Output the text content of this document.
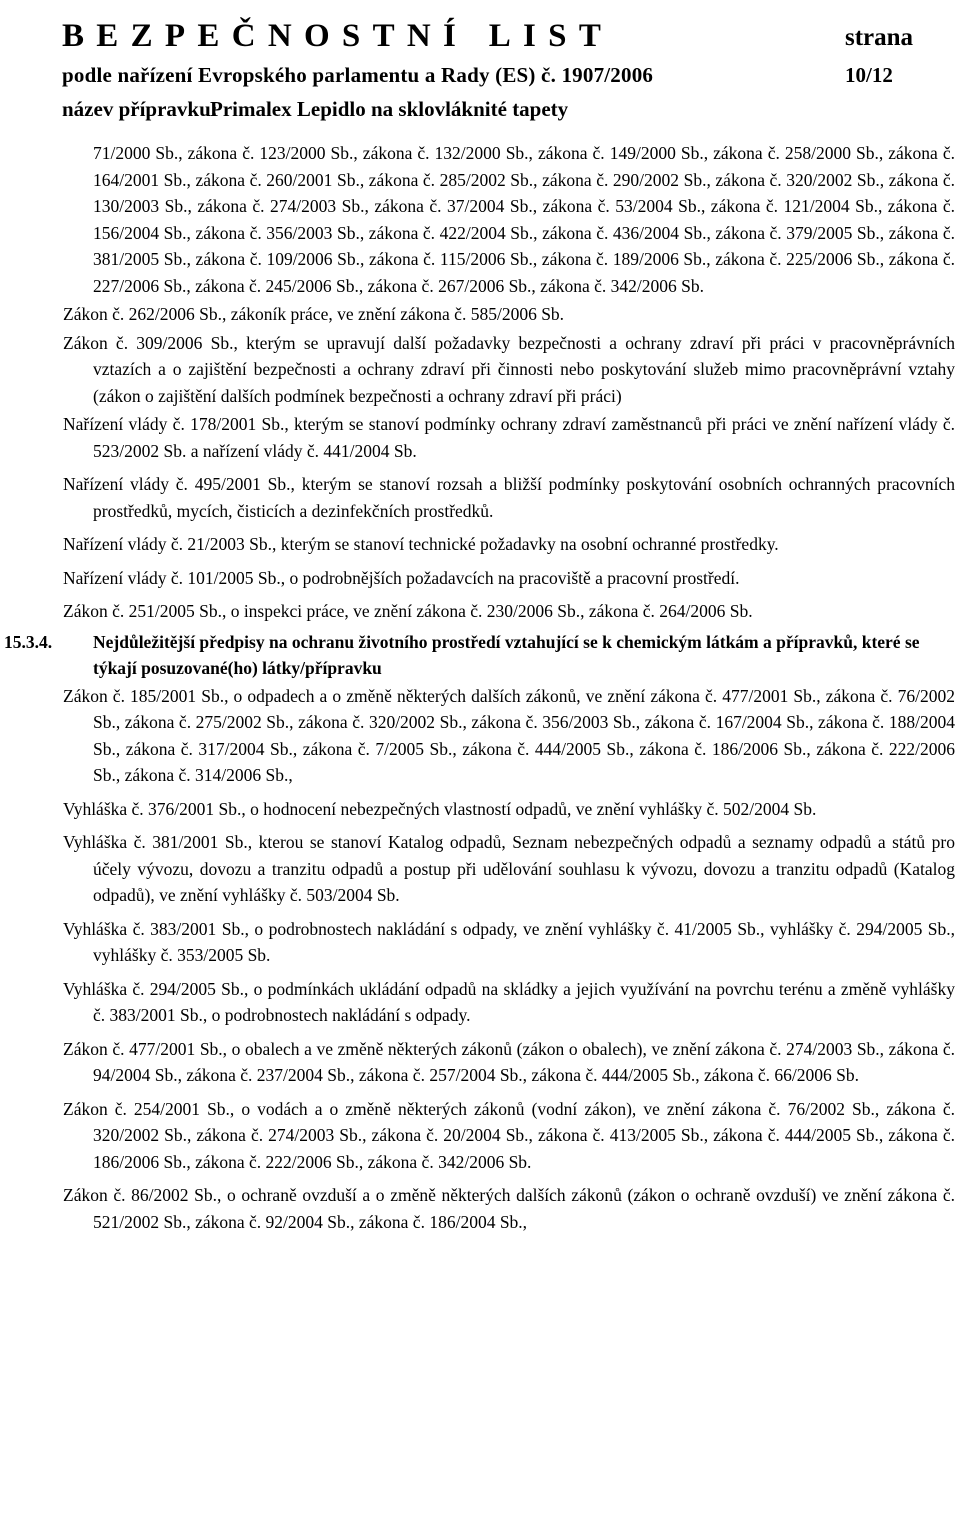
BEZPEČNOSTNÍ LIST	strana
podle nařízení Evropského parlamentu a Rady (ES) č. 1907/2006	10/12
název přípravku:Primalex Lepidlo na sklovláknité tapety
71/2000 Sb., zákona č. 123/2000 Sb., zákona č. 132/2000 Sb., zákona č. 149/2000 Sb., zákona č. 258/2000 Sb., zákona č. 164/2001 Sb., zákona č. 260/2001 Sb., zákona č. 285/2002 Sb., zákona č. 290/2002 Sb., zákona č. 320/2002 Sb., zákona č. 130/2003 Sb., zákona č. 274/2003 Sb., zákona č. 37/2004 Sb., zákona č. 53/2004 Sb., zákona č. 121/2004 Sb., zákona č. 156/2004 Sb., zákona č. 356/2003 Sb., zákona č. 422/2004 Sb., zákona č. 436/2004 Sb., zákona č. 379/2005 Sb., zákona č. 381/2005 Sb., zákona č. 109/2006 Sb., zákona č. 115/2006 Sb., zákona č. 189/2006 Sb., zákona č. 225/2006 Sb., zákona č. 227/2006 Sb., zákona č. 245/2006 Sb., zákona č. 267/2006 Sb., zákona č. 342/2006 Sb.
Zákon č. 262/2006 Sb., zákoník práce, ve znění zákona č. 585/2006 Sb.
Zákon č. 309/2006 Sb., kterým se upravují další požadavky bezpečnosti a ochrany zdraví při práci v pracovněprávních vztazích a o zajištění bezpečnosti a ochrany zdraví při činnosti nebo poskytování služeb mimo pracovněprávní vztahy (zákon o zajištění dalších podmínek bezpečnosti a ochrany zdraví při práci)
Nařízení vlády č. 178/2001 Sb., kterým se stanoví podmínky ochrany zdraví zaměstnanců při práci ve znění nařízení vlády č. 523/2002 Sb. a nařízení vlády č. 441/2004 Sb.
Nařízení vlády č. 495/2001 Sb., kterým se stanoví rozsah a bližší podmínky poskytování osobních ochranných pracovních prostředků, mycích, čisticích a dezinfekčních prostředků.
Nařízení vlády č. 21/2003 Sb., kterým se stanoví technické požadavky na osobní ochranné prostředky.
Nařízení vlády č. 101/2005 Sb., o podrobnějších požadavcích na pracoviště a pracovní prostředí.
Zákon č. 251/2005 Sb., o inspekci práce, ve znění zákona č. 230/2006 Sb., zákona č. 264/2006 Sb.
15.3.4. Nejdůležitější předpisy na ochranu životního prostředí vztahující se k chemickým látkám a přípravků, které se týkají posuzované(ho) látky/přípravku
Zákon č. 185/2001 Sb., o odpadech a o změně některých dalších zákonů, ve znění zákona č. 477/2001 Sb., zákona č. 76/2002 Sb., zákona č. 275/2002 Sb., zákona č. 320/2002 Sb., zákona č. 356/2003 Sb., zákona č. 167/2004 Sb., zákona č. 188/2004 Sb., zákona č. 317/2004 Sb., zákona č. 7/2005 Sb., zákona č. 444/2005 Sb., zákona č. 186/2006 Sb., zákona č. 222/2006 Sb., zákona č. 314/2006 Sb.,
Vyhláška č. 376/2001 Sb., o hodnocení nebezpečných vlastností odpadů, ve znění vyhlášky č. 502/2004 Sb.
Vyhláška č. 381/2001 Sb., kterou se stanoví Katalog odpadů, Seznam nebezpečných odpadů a seznamy odpadů a států pro účely vývozu, dovozu a tranzitu odpadů a postup při udělování souhlasu k vývozu, dovozu a tranzitu odpadů (Katalog odpadů), ve znění vyhlášky č. 503/2004 Sb.
Vyhláška č. 383/2001 Sb., o podrobnostech nakládání s odpady, ve znění vyhlášky č. 41/2005 Sb., vyhlášky č. 294/2005 Sb., vyhlášky č. 353/2005 Sb.
Vyhláška č. 294/2005 Sb., o podmínkách ukládání odpadů na skládky a jejich využívání na povrchu terénu a změně vyhlášky č. 383/2001 Sb., o podrobnostech nakládání s odpady.
Zákon č. 477/2001 Sb., o obalech a ve změně některých zákonů (zákon o obalech), ve znění zákona č. 274/2003 Sb., zákona č. 94/2004 Sb., zákona č. 237/2004 Sb., zákona č. 257/2004 Sb., zákona č. 444/2005 Sb., zákona č. 66/2006 Sb.
Zákon č. 254/2001 Sb., o vodách a o změně některých zákonů (vodní zákon), ve znění zákona č. 76/2002 Sb., zákona č. 320/2002 Sb., zákona č. 274/2003 Sb., zákona č. 20/2004 Sb., zákona č. 413/2005 Sb., zákona č. 444/2005 Sb., zákona č. 186/2006 Sb., zákona č. 222/2006 Sb., zákona č. 342/2006 Sb.
Zákon č. 86/2002 Sb., o ochraně ovzduší a o změně některých dalších zákonů (zákon o ochraně ovzduší) ve znění zákona č. 521/2002 Sb., zákona č. 92/2004 Sb., zákona č. 186/2004 Sb.,
